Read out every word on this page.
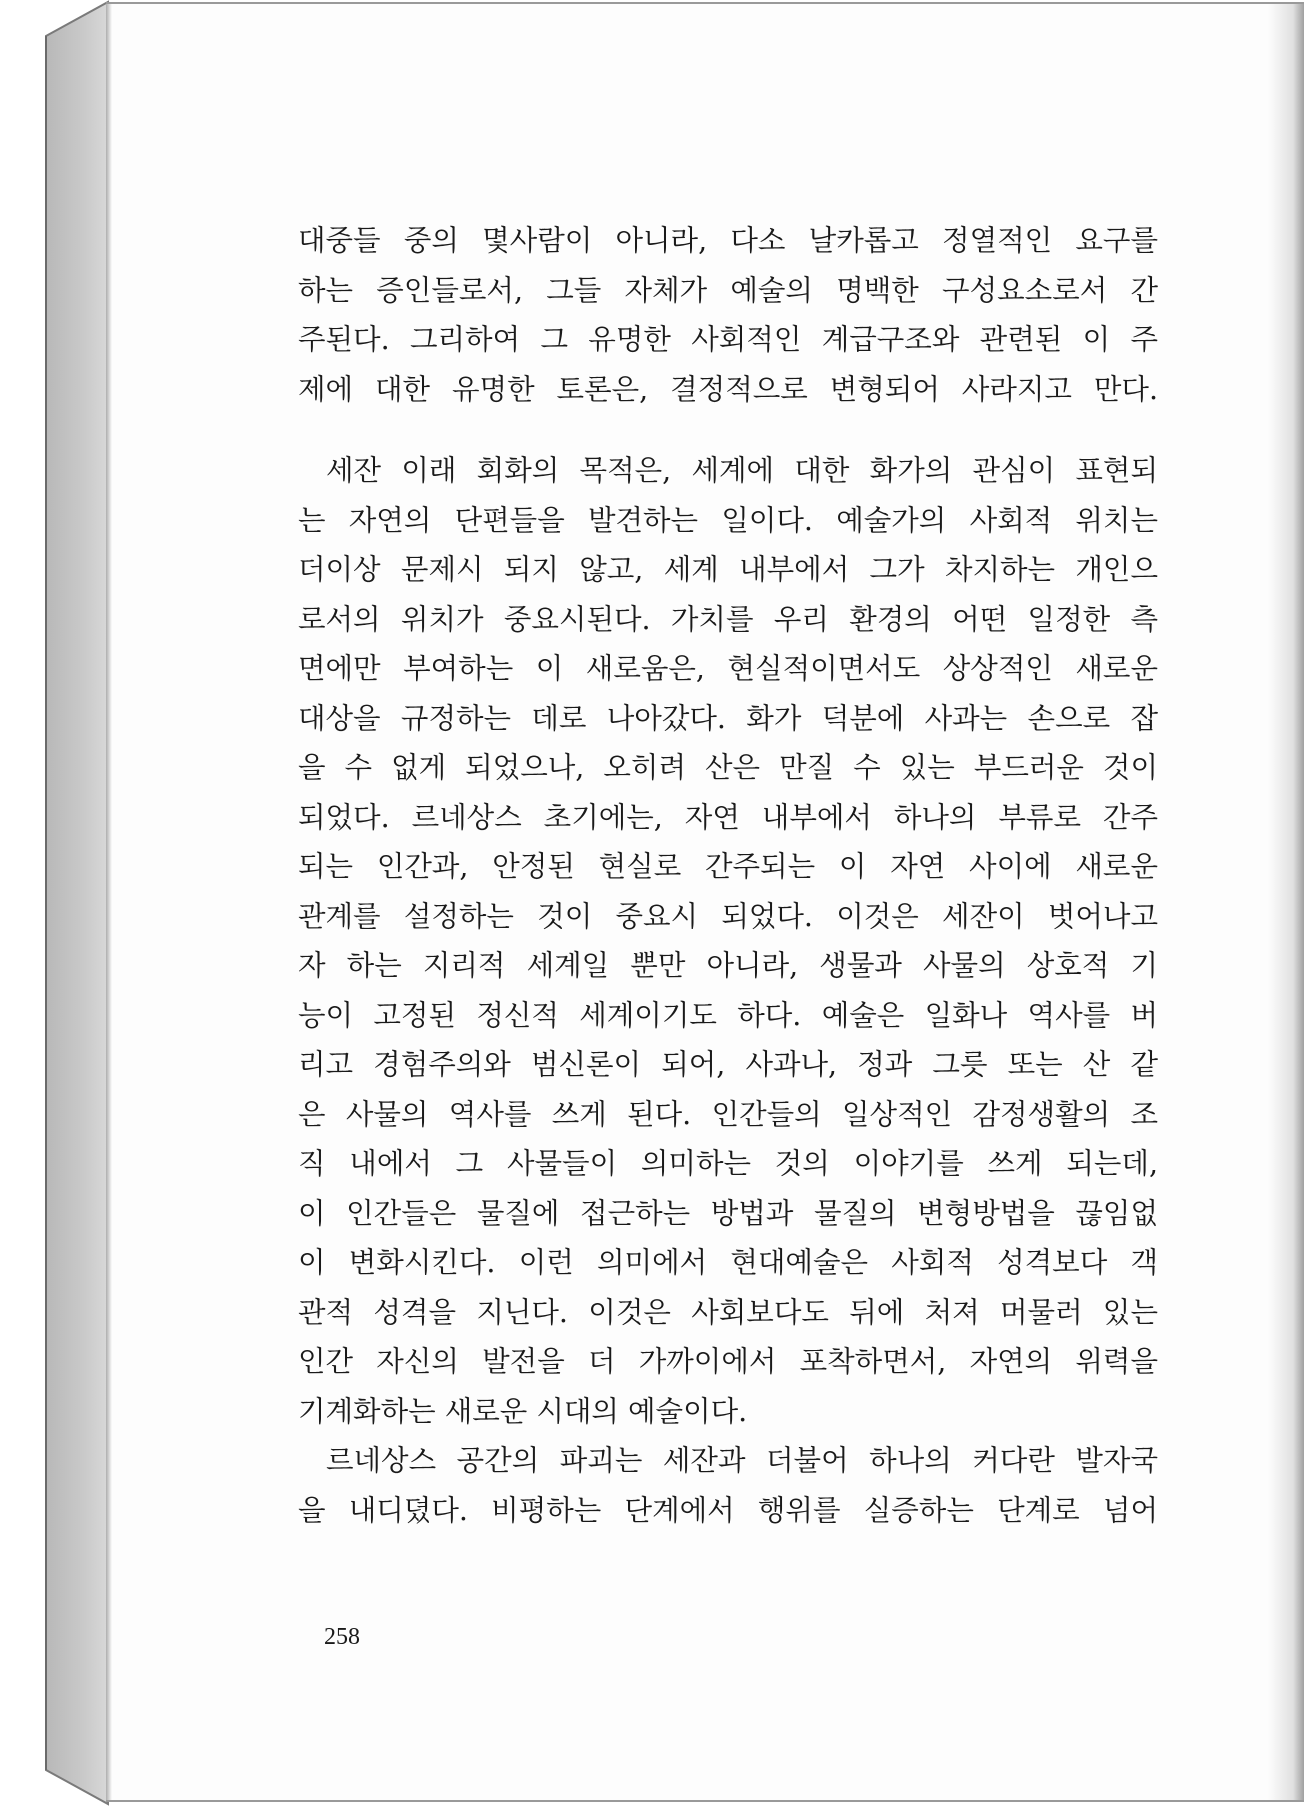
대중들 중의 몇사람이 아니라, 다소 날카롭고 정열적인 요구를
하는 증인들로서, 그들 자체가 예술의 명백한 구성요소로서 간
주된다. 그리하여 그 유명한 사회적인 계급구조와 관련된 이 주
제에 대한 유명한 토론은, 결정적으로 변형되어 사라지고 만다.

세잔 이래 회화의 목적은, 세계에 대한 화가의 관심이 표현되
는 자연의 단편들을 발견하는 일이다. 예술가의 사회적 위치는
더이상 문제시 되지 않고, 세계 내부에서 그가 차지하는 개인으
로서의 위치가 중요시된다. 가치를 우리 환경의 어떤 일정한 측
면에만 부여하는 이 새로움은, 현실적이면서도 상상적인 새로운
대상을 규정하는 데로 나아갔다. 화가 덕분에 사과는 손으로 잡
을 수 없게 되었으나, 오히려 산은 만질 수 있는 부드러운 것이
되었다. 르네상스 초기에는, 자연 내부에서 하나의 부류로 간주
되는 인간과, 안정된 현실로 간주되는 이 자연 사이에 새로운
관계를 설정하는 것이 중요시 되었다. 이것은 세잔이 벗어나고
자 하는 지리적 세계일 뿐만 아니라, 생물과 사물의 상호적 기
능이 고정된 정신적 세계이기도 하다. 예술은 일화나 역사를 버
리고 경험주의와 범신론이 되어, 사과나, 정과 그릇 또는 산 같
은 사물의 역사를 쓰게 된다. 인간들의 일상적인 감정생활의 조
직 내에서 그 사물들이 의미하는 것의 이야기를 쓰게 되는데,
이 인간들은 물질에 접근하는 방법과 물질의 변형방법을 끊임없
이 변화시킨다. 이런 의미에서 현대예술은 사회적 성격보다 객
관적 성격을 지닌다. 이것은 사회보다도 뒤에 처져 머물러 있는
인간 자신의 발전을 더 가까이에서 포착하면서, 자연의 위력을
기계화하는 새로운 시대의 예술이다.

르네상스 공간의 파괴는 세잔과 더불어 하나의 커다란 발자국
을 내디뎠다. 비평하는 단계에서 행위를 실증하는 단계로 넘어

258
